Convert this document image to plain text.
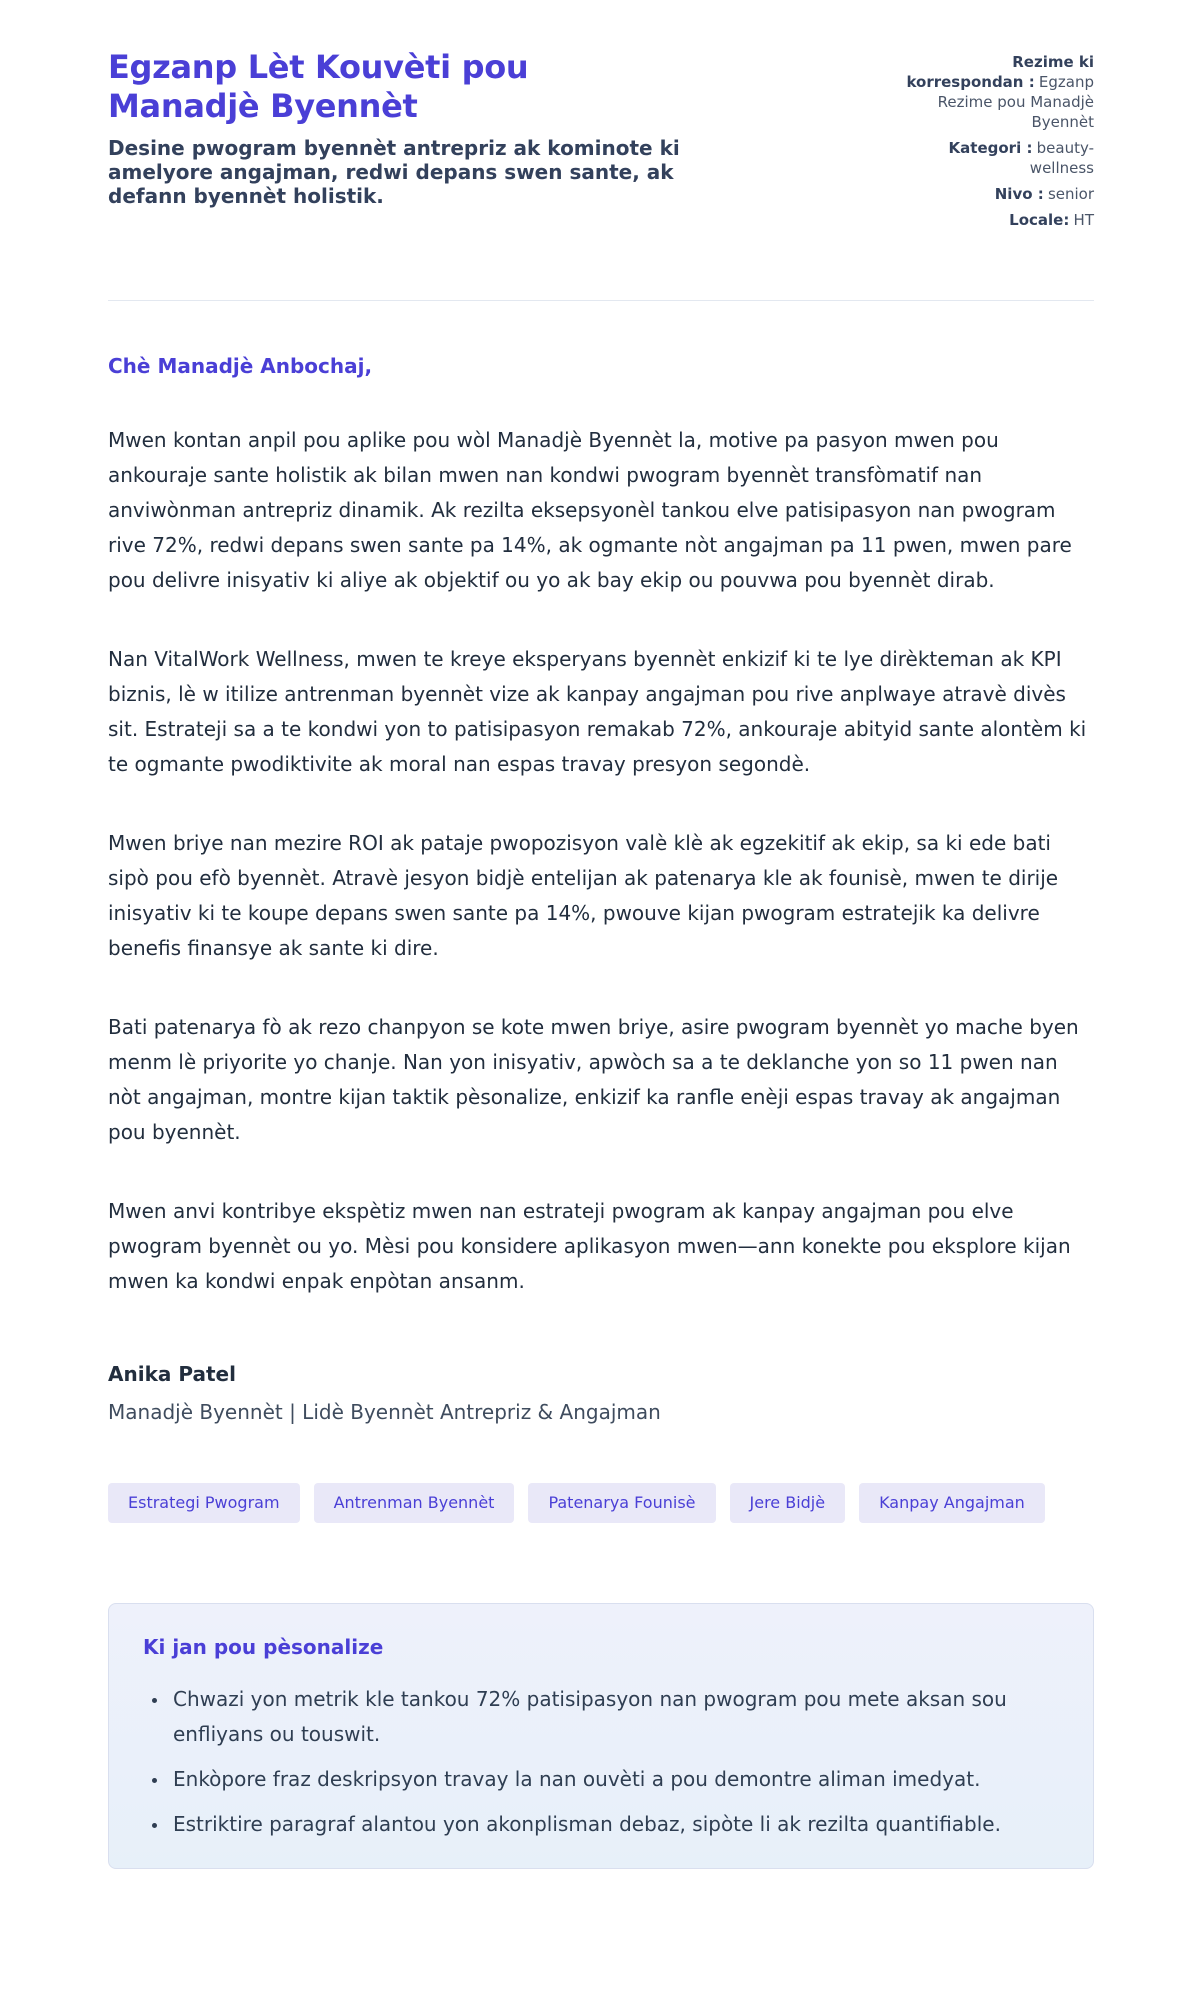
Egzanp Lèt Kouvèti pou Manadjè Byennèt

Desine pwogram byennèt antrepriz ak kominote ki amelyore angajman, redwi depans swen sante, ak defann byennèt holistik.

Rezime ki korrespondan : Egzanp Rezime pou Manadjè Byennèt
Kategori : beauty-wellness
Nivo : senior
Locale: HT

Chè Manadjè Anbochaj,

Mwen kontan anpil pou aplike pou wòl Manadjè Byennèt la, motive pa pasyon mwen pou ankouraje sante holistik ak bilan mwen nan kondwi pwogram byennèt transfòmatif nan anviwònman antrepriz dinamik. Ak rezilta eksepsyonèl tankou elve patisipasyon nan pwogram rive 72%, redwi depans swen sante pa 14%, ak ogmante nòt angajman pa 11 pwen, mwen pare pou delivre inisyativ ki aliye ak objektif ou yo ak bay ekip ou pouvwa pou byennèt dirab.

Nan VitalWork Wellness, mwen te kreye eksperyans byennèt enkizif ki te lye dirèkteman ak KPI biznis, lè w itilize antrenman byennèt vize ak kanpay angajman pou rive anplwaye atravè divès sit. Estrateji sa a te kondwi yon to patisipasyon remakab 72%, ankouraje abityid sante alontèm ki te ogmante pwodiktivite ak moral nan espas travay presyon segondè.

Mwen briye nan mezire ROI ak pataje pwopozisyon valè klè ak egzekitif ak ekip, sa ki ede bati sipò pou efò byennèt. Atravè jesyon bidjè entelijan ak patenarya kle ak founisè, mwen te dirije inisyativ ki te koupe depans swen sante pa 14%, pwouve kijan pwogram estratejik ka delivre benefis finansye ak sante ki dire.

Bati patenarya fò ak rezo chanpyon se kote mwen briye, asire pwogram byennèt yo mache byen menm lè priyorite yo chanje. Nan yon inisyativ, apwòch sa a te deklanche yon so 11 pwen nan nòt angajman, montre kijan taktik pèsonalize, enkizif ka ranfle enèji espas travay ak angajman pou byennèt.

Mwen anvi kontribye ekspètiz mwen nan estrateji pwogram ak kanpay angajman pou elve pwogram byennèt ou yo. Mèsi pou konsidere aplikasyon mwen—ann konekte pou eksplore kijan mwen ka kondwi enpak enpòtan ansanm.

Anika Patel

Manadjè Byennèt | Lidè Byennèt Antrepriz & Angajman

Estrategi Pwogram	Antrenman Byennèt	Patenarya Founisè	Jere Bidjè	Kanpay Angajman
Ki jan pou pèsonalize
• Chwazi yon metrik kle tankou 72% patisipasyon nan pwogram pou mete aksan sou enfliyans ou touswit.
• Enkòpore fraz deskripsyon travay la nan ouvèti a pou demontre aliman imedyat.
• Estriktire paragraf alantou yon akonplisman debaz, sipòte li ak rezilta quantifiable.
